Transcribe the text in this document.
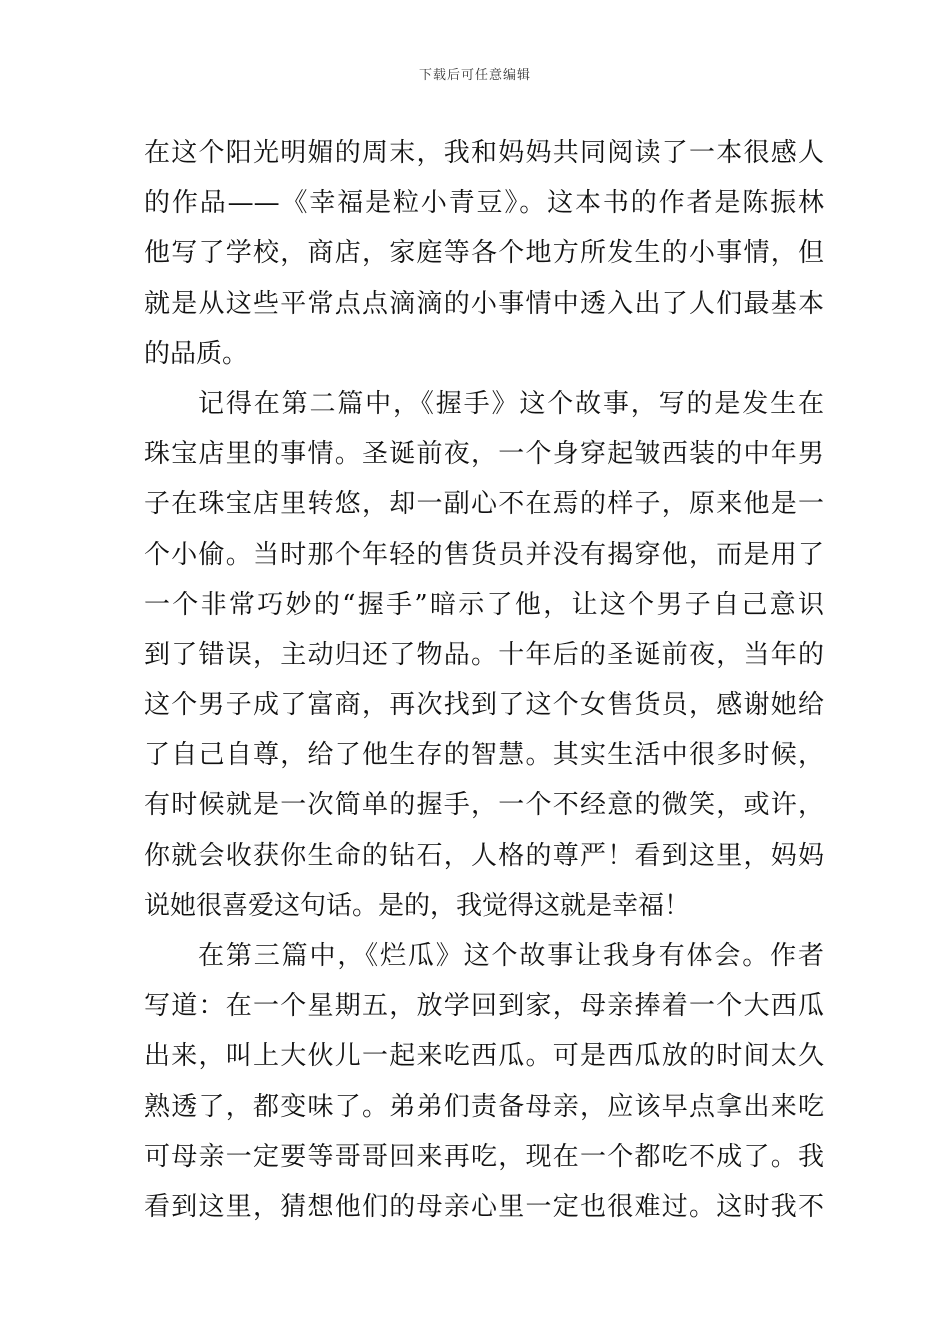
下载后可任意编辑
在这个阳光明媚的周末，我和妈妈共同阅读了一本很感人
的作品——《幸福是粒小青豆》。这本书的作者是陈振林
他写了学校，商店，家庭等各个地方所发生的小事情，但
就是从这些平常点点滴滴的小事情中透入出了人们最基本
的品质。
记得在第二篇中，《握手》这个故事，写的是发生在
珠宝店里的事情。圣诞前夜，一个身穿起皱西装的中年男
子在珠宝店里转悠，却一副心不在焉的样子，原来他是一
个小偷。当时那个年轻的售货员并没有揭穿他，而是用了
一个非常巧妙的“握手”暗示了他，让这个男子自己意识
到了错误，主动归还了物品。十年后的圣诞前夜，当年的
这个男子成了富商，再次找到了这个女售货员，感谢她给
了自己自尊，给了他生存的智慧。其实生活中很多时候，
有时候就是一次简单的握手，一个不经意的微笑，或许，
你就会收获你生命的钻石，人格的尊严！看到这里，妈妈
说她很喜爱这句话。是的，我觉得这就是幸福！
在第三篇中，《烂瓜》这个故事让我身有体会。作者
写道：在一个星期五，放学回到家，母亲捧着一个大西瓜
出来，叫上大伙儿一起来吃西瓜。可是西瓜放的时间太久
熟透了，都变味了。弟弟们责备母亲，应该早点拿出来吃
可母亲一定要等哥哥回来再吃，现在一个都吃不成了。我
看到这里，猜想他们的母亲心里一定也很难过。这时我不
